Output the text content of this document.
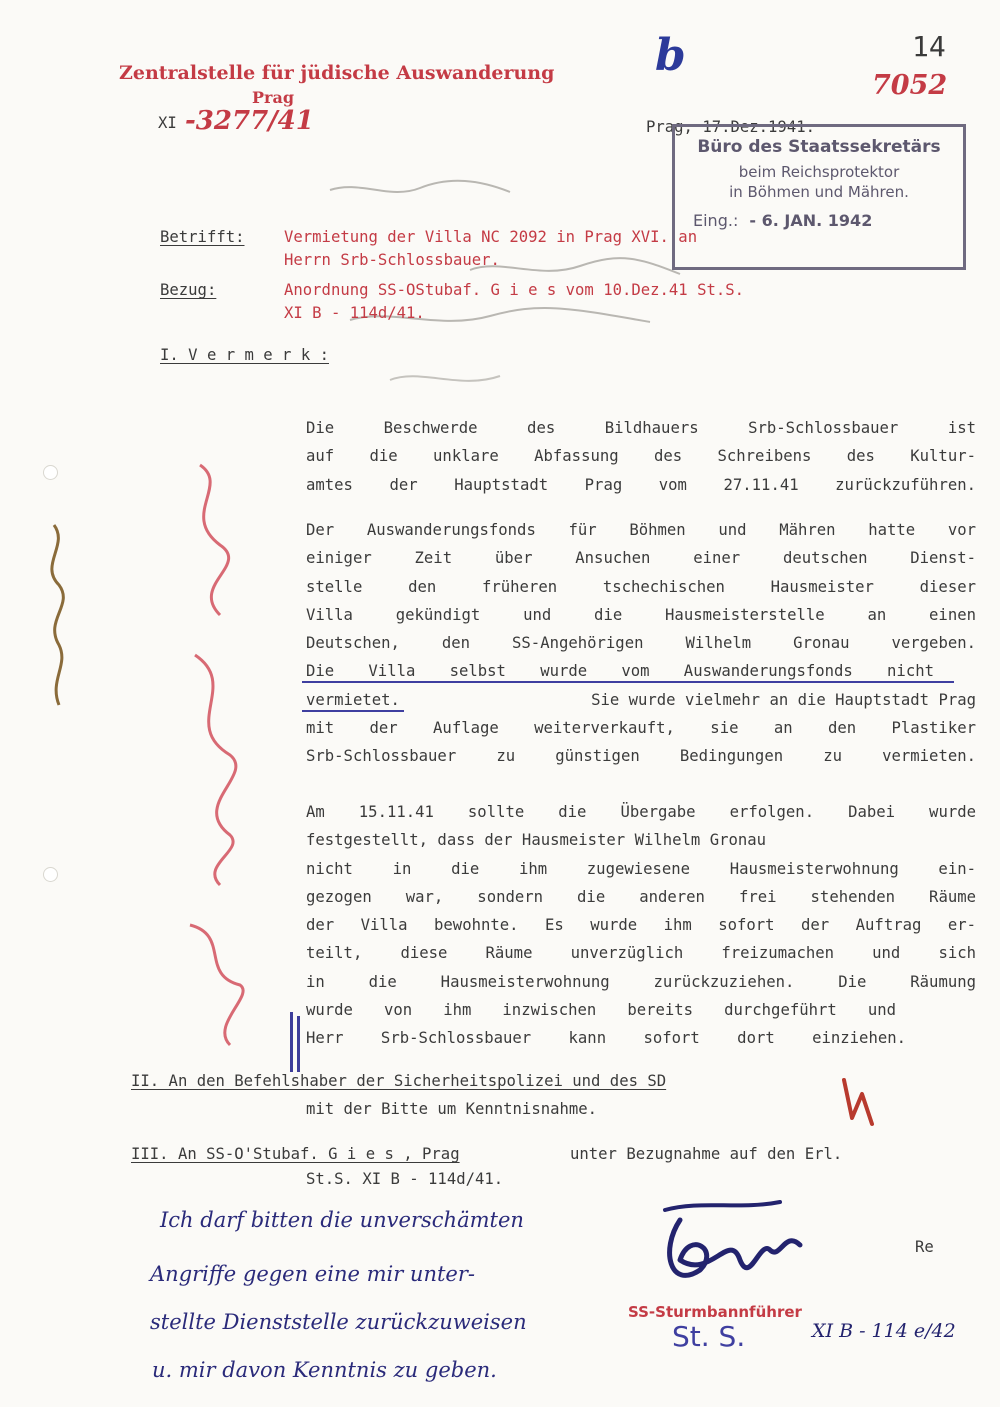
Zentralstelle für jüdische Auswanderung
Prag
XI -3277/41
14
b
7052
Prag, 17.Dez.1941.
Büro des Staatssekretärs
beim Reichsprotektor
in Böhmen und Mähren.
Eing.: - 6. JAN. 1942
Betrifft:	Vermietung der Villa NC 2092 in Prag XVI. an
Herrn Srb-Schlossbauer.
Bezug:	Anordnung SS-OStubaf. G i e s vom 10.Dez.41 St.S.
XI B - 114d/41.
I. V e r m e r k :
Die Beschwerde des Bildhauers Srb-Schlossbauer ist
auf die unklare Abfassung des Schreibens des Kultur-
amtes der Hauptstadt Prag vom 27.11.41 zurückzuführen.
Der Auswanderungsfonds für Böhmen und Mähren hatte vor
einiger Zeit über Ansuchen einer deutschen Dienst-
stelle den früheren tschechischen Hausmeister dieser
Villa gekündigt und die Hausmeisterstelle an einen
Deutschen, den SS-Angehörigen Wilhelm Gronau vergeben.
Die Villa selbst wurde vom Auswanderungsfonds nicht
vermietet.	Sie wurde vielmehr an die Hauptstadt Prag
mit der Auflage weiterverkauft, sie an den Plastiker
Srb-Schlossbauer zu günstigen Bedingungen zu vermieten.
Am 15.11.41 sollte die Übergabe erfolgen. Dabei wurde
festgestellt, dass der Hausmeister Wilhelm Gronau
nicht in die ihm zugewiesene Hausmeisterwohnung ein-
gezogen war, sondern die anderen frei stehenden Räume
der Villa bewohnte. Es wurde ihm sofort der Auftrag er-
teilt, diese Räume unverzüglich freizumachen und sich
in die Hausmeisterwohnung zurückzuziehen. Die Räumung
wurde von ihm inzwischen bereits durchgeführt und
Herr Srb-Schlossbauer kann sofort dort einziehen.
II. An den Befehlshaber der Sicherheitspolizei und des SD
mit der Bitte um Kenntnisnahme.
III. An SS-O'Stubaf. G i e s , Prag	unter Bezugnahme auf den Erl.
St.S. XI B - 114d/41.
Re
Ich darf bitten die unverschämten
Angriffe gegen eine mir unter-
stellte Dienststelle zurückzuweisen
u. mir davon Kenntnis zu geben.
SS-Sturmbannführer
St. S.	XI B - 114 e/42
